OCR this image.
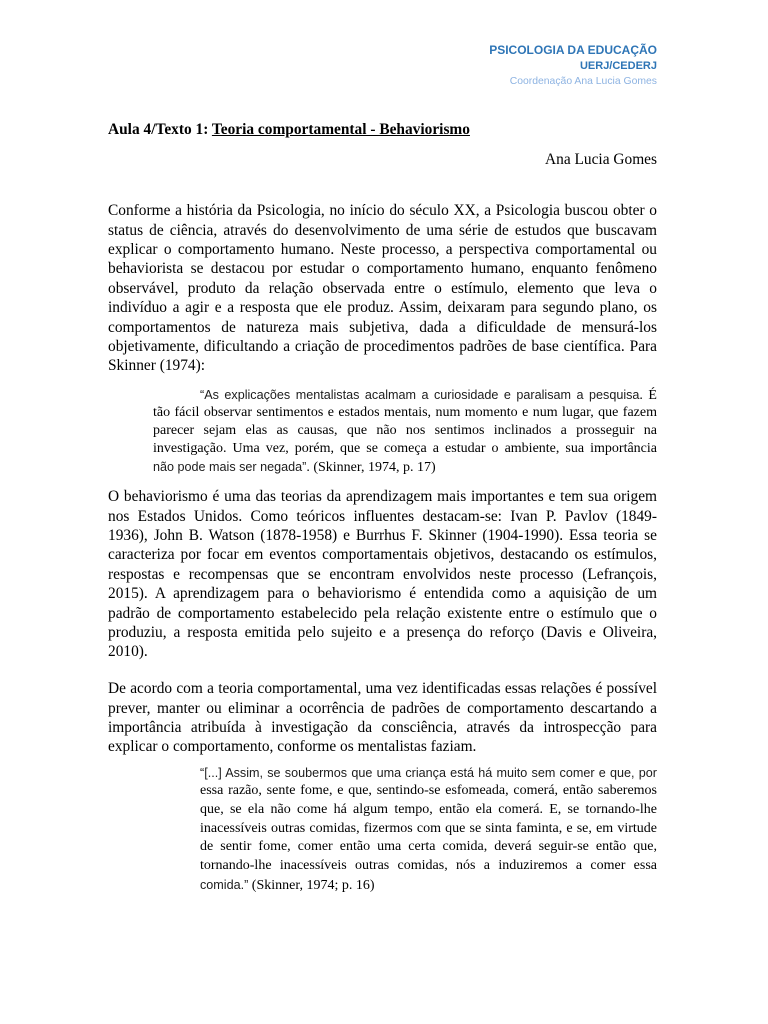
PSICOLOGIA DA EDUCAÇÃO
UERJ/CEDERJ
Coordenação Ana Lucia Gomes
Aula 4/Texto 1: Teoria comportamental - Behaviorismo
Ana Lucia Gomes
Conforme a história da Psicologia, no início do século XX, a Psicologia buscou obter o
status de ciência, através do desenvolvimento de uma série de estudos que buscavam
explicar o comportamento humano. Neste processo, a perspectiva comportamental ou
behaviorista se destacou por estudar o comportamento humano, enquanto fenômeno
observável, produto da relação observada entre o estímulo, elemento que leva o
indivíduo a agir e a resposta que ele produz. Assim, deixaram para segundo plano, os
comportamentos de natureza mais subjetiva, dada a dificuldade de mensurá-los
objetivamente, dificultando a criação de procedimentos padrões de base científica. Para
Skinner (1974):
“As explicações mentalistas acalmam a curiosidade e paralisam a pesquisa. É
tão fácil observar sentimentos e estados mentais, num momento e num lugar, que fazem
parecer sejam elas as causas, que não nos sentimos inclinados a prosseguir na
investigação. Uma vez, porém, que se começa a estudar o ambiente, sua importância
não pode mais ser negada”. (Skinner, 1974, p. 17)
O behaviorismo é uma das teorias da aprendizagem mais importantes e tem sua origem
nos Estados Unidos. Como teóricos influentes destacam-se: Ivan P. Pavlov (1849-
1936), John B. Watson (1878-1958) e Burrhus F. Skinner (1904-1990). Essa teoria se
caracteriza por focar em eventos comportamentais objetivos, destacando os estímulos,
respostas e recompensas que se encontram envolvidos neste processo (Lefrançois,
2015). A aprendizagem para o behaviorismo é entendida como a aquisição de um
padrão de comportamento estabelecido pela relação existente entre o estímulo que o
produziu, a resposta emitida pelo sujeito e a presença do reforço (Davis e Oliveira,
2010).
De acordo com a teoria comportamental, uma vez identificadas essas relações é possível
prever, manter ou eliminar a ocorrência de padrões de comportamento descartando a
importância atribuída à investigação da consciência, através da introspecção para
explicar o comportamento, conforme os mentalistas faziam.
“[...] Assim, se soubermos que uma criança está há muito sem comer e que, por
essa razão, sente fome, e que, sentindo-se esfomeada, comerá, então saberemos
que, se ela não come há algum tempo, então ela comerá. E, se tornando-lhe
inacessíveis outras comidas, fizermos com que se sinta faminta, e se, em virtude
de sentir fome, comer então uma certa comida, deverá seguir-se então que,
tornando-lhe inacessíveis outras comidas, nós a induziremos a comer essa
comida.” (Skinner, 1974; p. 16)
